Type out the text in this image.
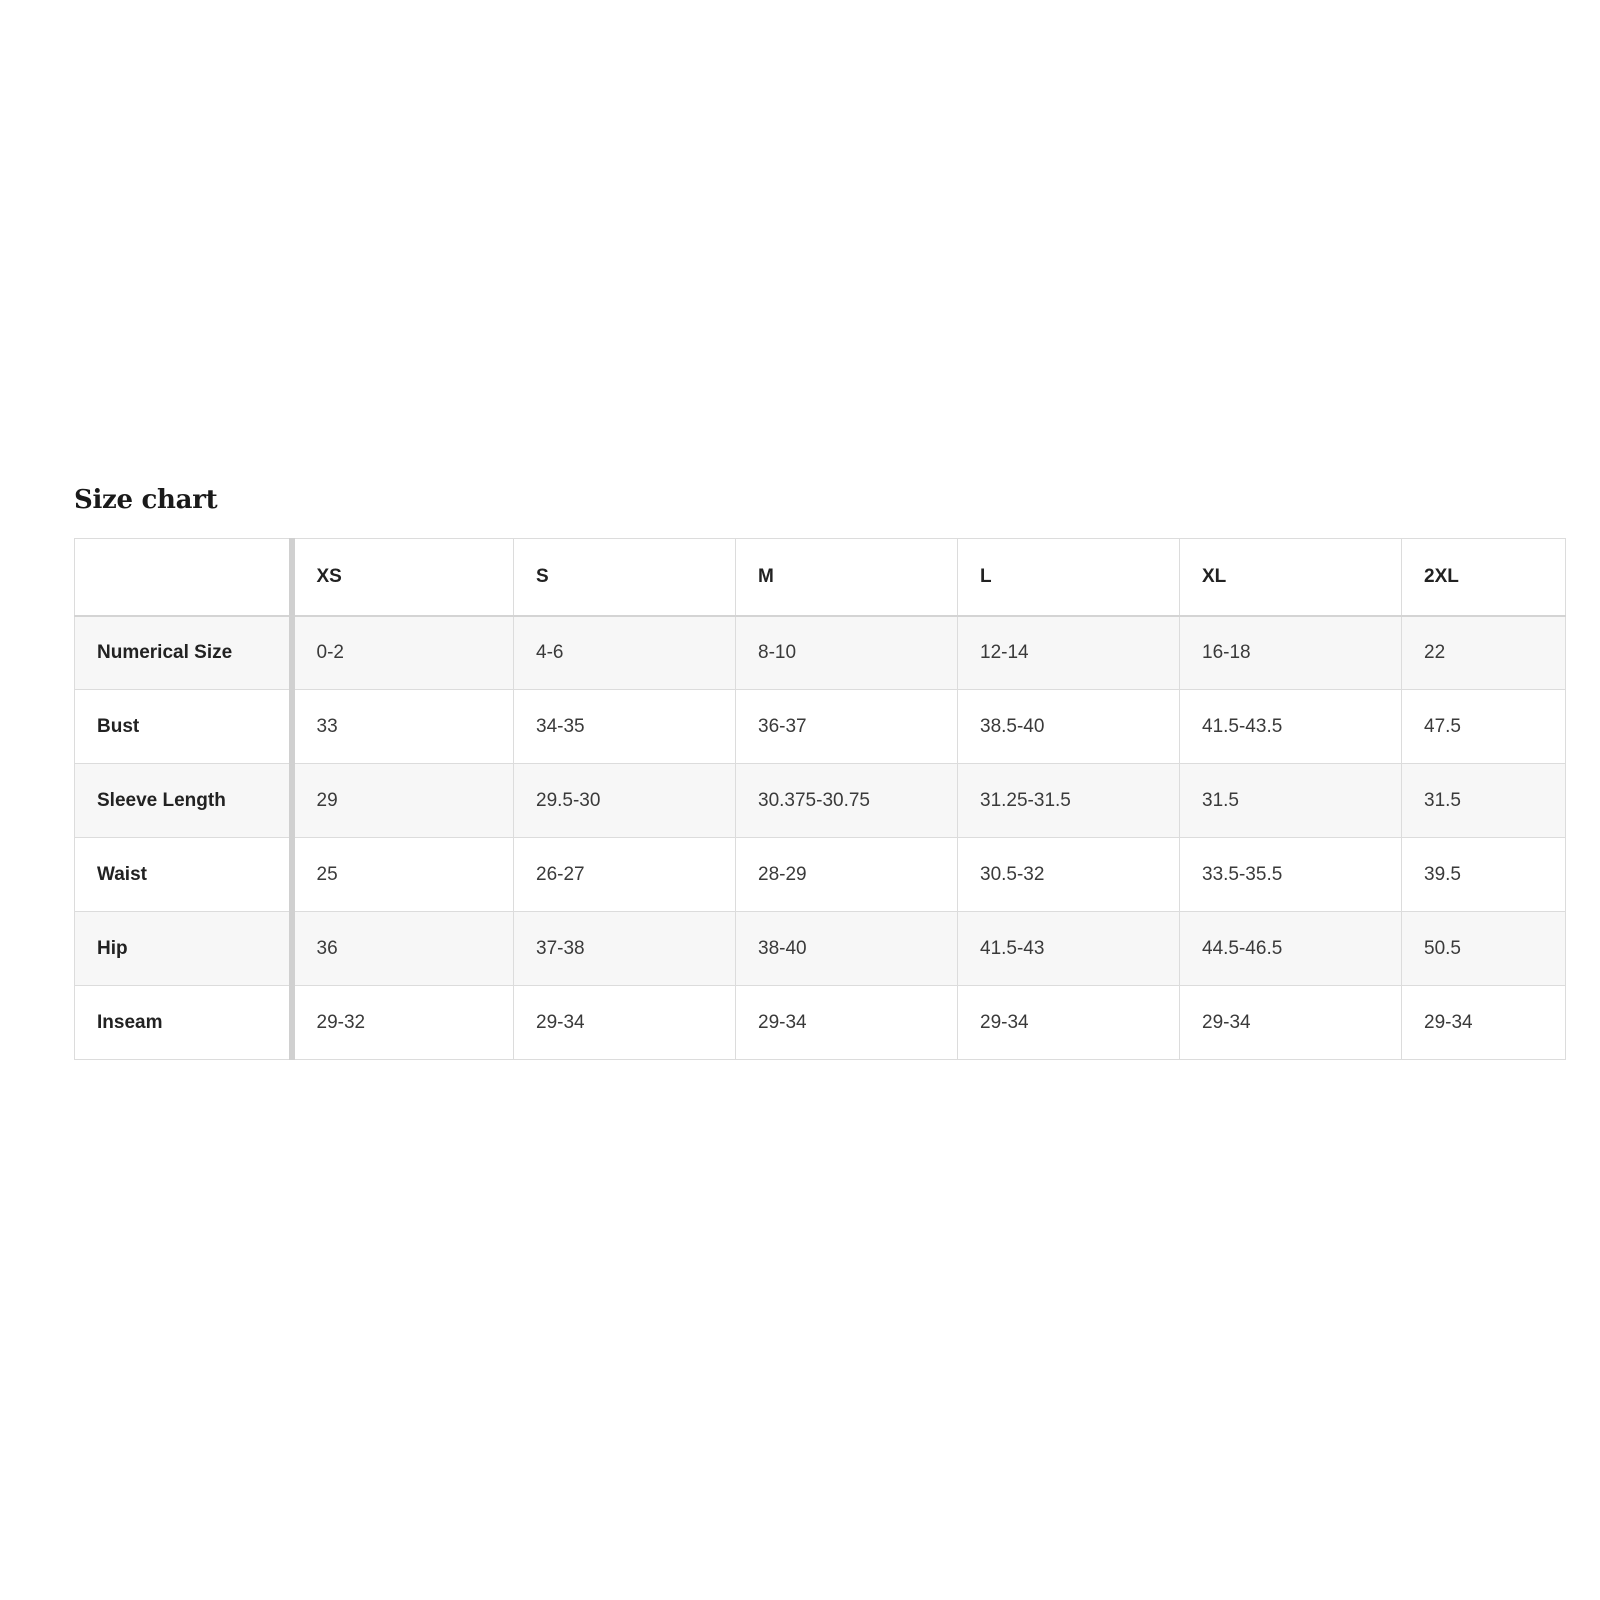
Size chart
	XS	S	M	L	XL	2XL
Numerical Size	0-2	4-6	8-10	12-14	16-18	22
Bust	33	34-35	36-37	38.5-40	41.5-43.5	47.5
Sleeve Length	29	29.5-30	30.375-30.75	31.25-31.5	31.5	31.5
Waist	25	26-27	28-29	30.5-32	33.5-35.5	39.5
Hip	36	37-38	38-40	41.5-43	44.5-46.5	50.5
Inseam	29-32	29-34	29-34	29-34	29-34	29-34
